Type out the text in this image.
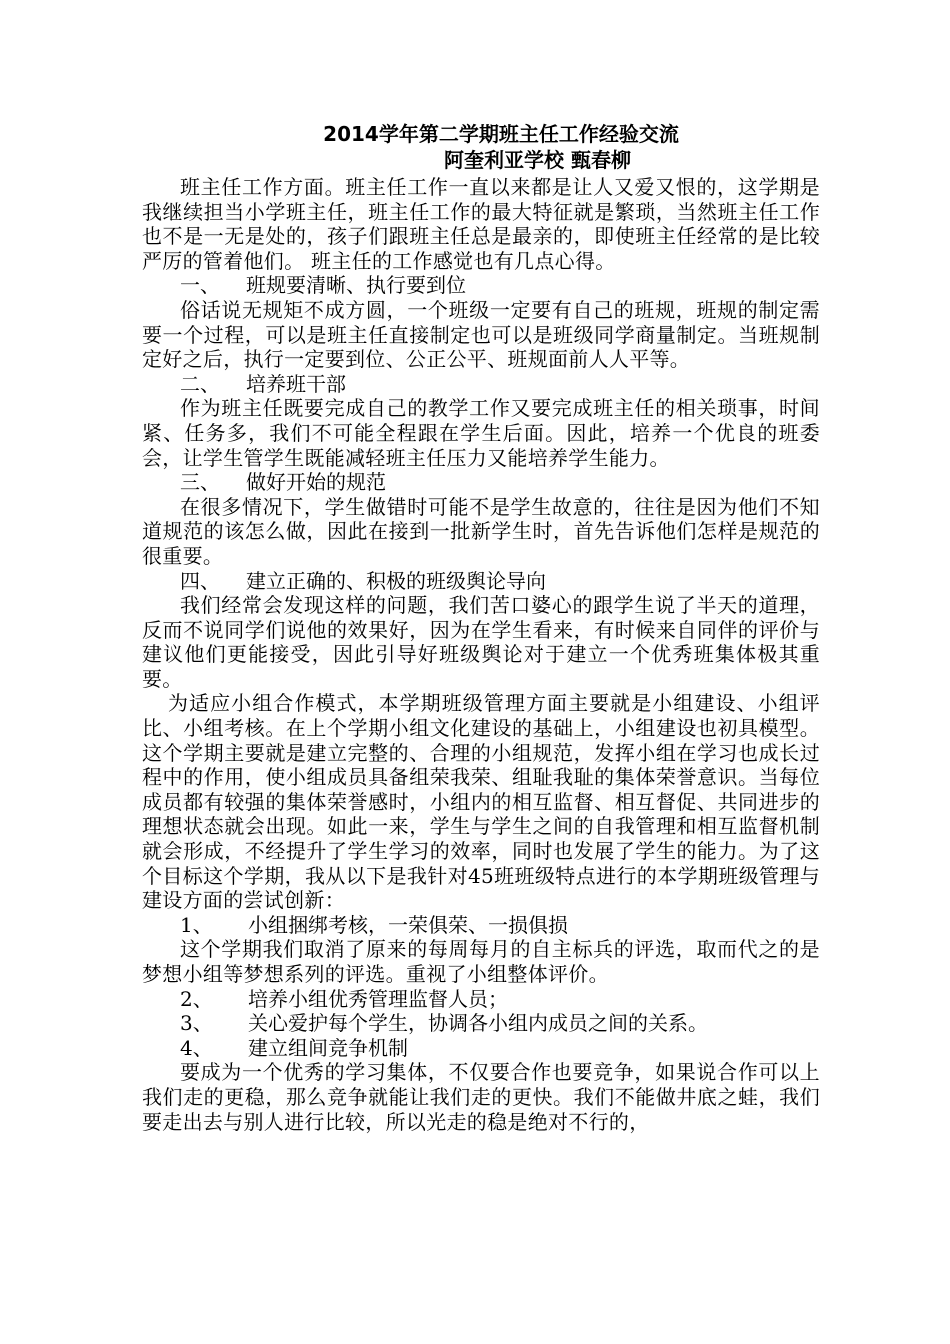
2014学年第二学期班主任工作经验交流

阿奎利亚学校 甄春柳

班主任工作方面。班主任工作一直以来都是让人又爱又恨的，这学期是我继续担当小学班主任，班主任工作的最大特征就是繁琐，当然班主任工作也不是一无是处的，孩子们跟班主任总是最亲的，即使班主任经常的是比较严厉的管着他们。 班主任的工作感觉也有几点心得。

一、 班规要清晰、执行要到位

俗话说无规矩不成方圆，一个班级一定要有自己的班规，班规的制定需要一个过程，可以是班主任直接制定也可以是班级同学商量制定。当班规制定好之后，执行一定要到位、公正公平、班规面前人人平等。

二、 培养班干部

作为班主任既要完成自己的教学工作又要完成班主任的相关琐事，时间紧、任务多，我们不可能全程跟在学生后面。因此，培养一个优良的班委会，让学生管学生既能减轻班主任压力又能培养学生能力。

三、 做好开始的规范

在很多情况下，学生做错时可能不是学生故意的，往往是因为他们不知道规范的该怎么做，因此在接到一批新学生时，首先告诉他们怎样是规范的很重要。

四、 建立正确的、积极的班级舆论导向

我们经常会发现这样的问题，我们苦口婆心的跟学生说了半天的道理，反而不说同学们说他的效果好，因为在学生看来，有时候来自同伴的评价与建议他们更能接受，因此引导好班级舆论对于建立一个优秀班集体极其重要。

为适应小组合作模式，本学期班级管理方面主要就是小组建设、小组评比、小组考核。在上个学期小组文化建设的基础上，小组建设也初具模型。这个学期主要就是建立完整的、合理的小组规范，发挥小组在学习也成长过程中的作用，使小组成员具备组荣我荣、组耻我耻的集体荣誉意识。当每位成员都有较强的集体荣誉感时，小组内的相互监督、相互督促、共同进步的理想状态就会出现。如此一来，学生与学生之间的自我管理和相互监督机制就会形成，不经提升了学生学习的效率，同时也发展了学生的能力。为了这个目标这个学期，我从以下是我针对45班班级特点进行的本学期班级管理与建设方面的尝试创新：

1、 小组捆绑考核，一荣俱荣、一损俱损

这个学期我们取消了原来的每周每月的自主标兵的评选，取而代之的是梦想小组等梦想系列的评选。重视了小组整体评价。

2、 培养小组优秀管理监督人员；

3、 关心爱护每个学生，协调各小组内成员之间的关系。

4、 建立组间竞争机制

要成为一个优秀的学习集体，不仅要合作也要竞争，如果说合作可以上我们走的更稳，那么竞争就能让我们走的更快。我们不能做井底之蛙，我们要走出去与别人进行比较，所以光走的稳是绝对不行的，
